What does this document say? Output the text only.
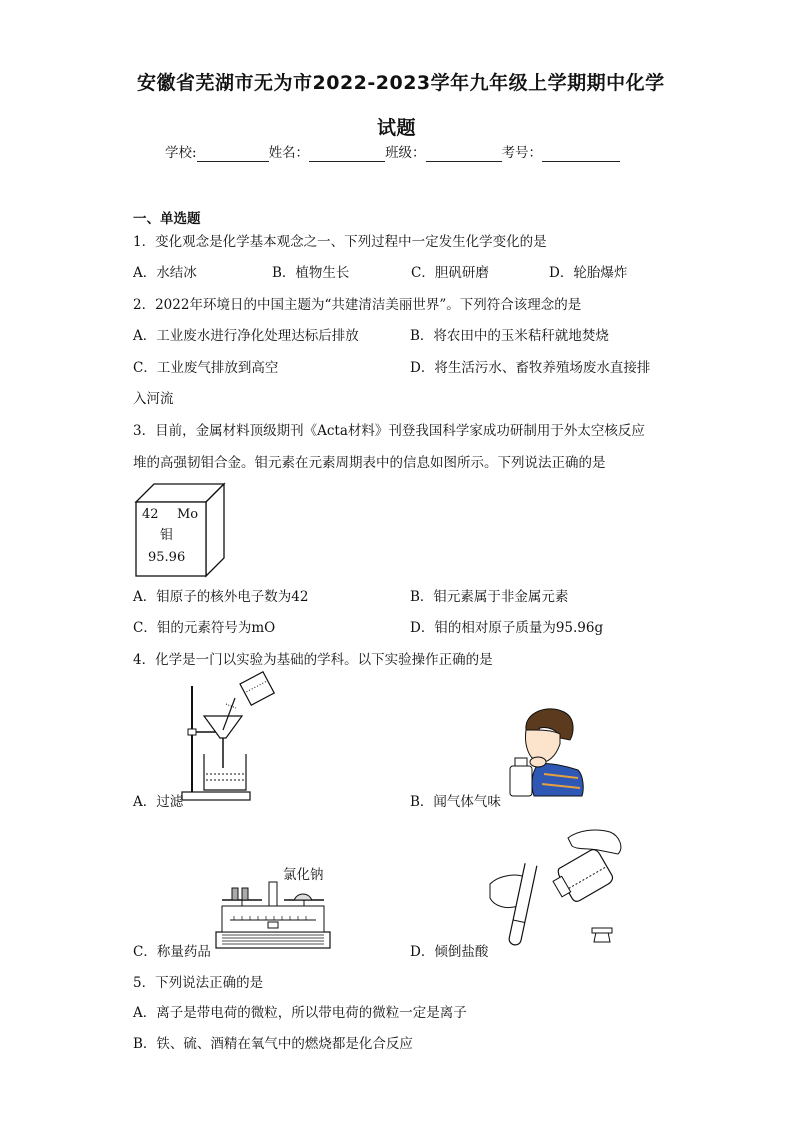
安徽省芜湖市无为市2022-2023学年九年级上学期期中化学
试题
学校:	姓名：	班级：	考号：
一、单选题
1．变化观念是化学基本观念之一、下列过程中一定发生化学变化的是
A．水结冰	B．植物生长	C．胆矾研磨	D．轮胎爆炸
2．2022年环境日的中国主题为“共建清洁美丽世界”。下列符合该理念的是
A．工业废水进行净化处理达标后排放	B．将农田中的玉米秸秆就地焚烧
C．工业废气排放到高空	D．将生活污水、畜牧养殖场废水直接排
入河流
3．目前，金属材料顶级期刊《Acta材料》刊登我国科学家成功研制用于外太空核反应
堆的高强韧钼合金。钼元素在元素周期表中的信息如图所示。下列说法正确的是
42 Mo
钼
95.96
A．钼原子的核外电子数为42	B．钼元素属于非金属元素
C．钼的元素符号为mO	D．钼的相对原子质量为95.96g
4．化学是一门以实验为基础的学科。以下实验操作正确的是
A．过滤	B．闻气体气味
氯化钠
C．称量药品	D．倾倒盐酸
5．下列说法正确的是
A．离子是带电荷的微粒，所以带电荷的微粒一定是离子
B．铁、硫、酒精在氧气中的燃烧都是化合反应
